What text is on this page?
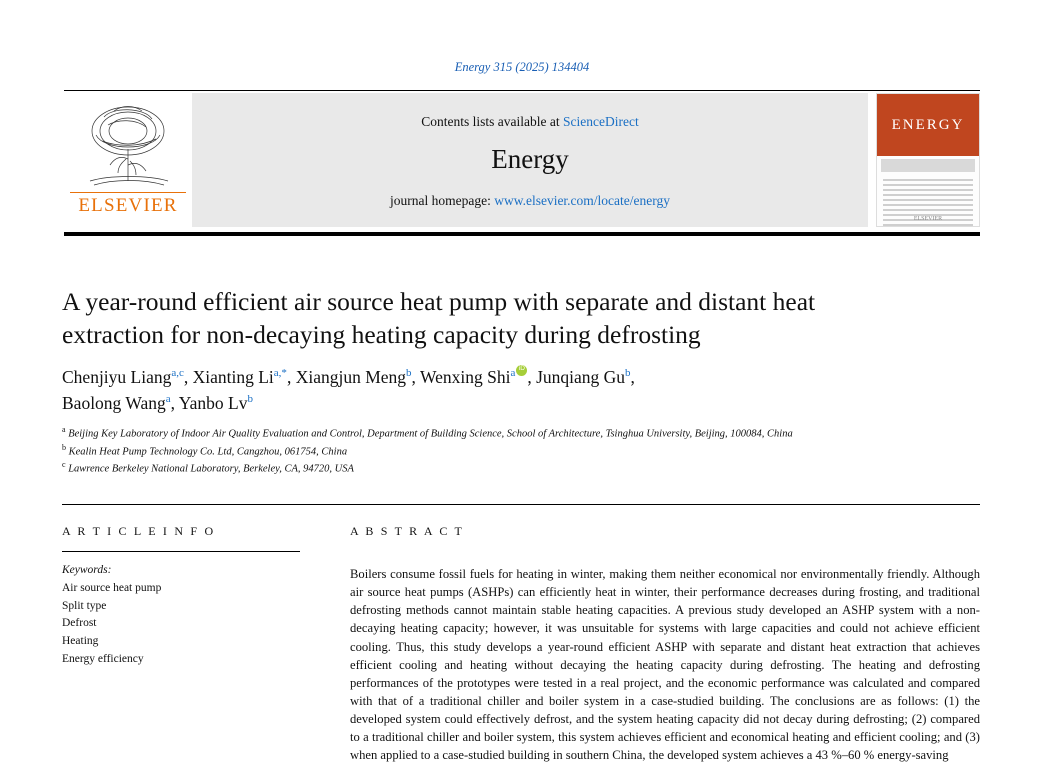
Energy 315 (2025) 134404
ELSEVIER
Contents lists available at ScienceDirect
Energy
journal homepage: www.elsevier.com/locate/energy
ENERGY
ELSEVIER
A year-round efficient air source heat pump with separate and distant heat extraction for non-decaying heating capacity during defrosting
Chenjiyu Liang$^{a,c}$, Xianting $Li^{a,*}$, Xiangjun Meng$^b$, Wenxing Shi$^a$ iD , Junqiang Gu$^b$,
Baolong Wang$^a$, Yanbo Lv$^b$
$^a$ Beijing Key Laboratory of Indoor Air Quality Evaluation and Control, Department of Building Science, School of Architecture, Tsinghua University, Beijing, 100084, China
$^b$ Kealin Heat Pump Technology Co. Ltd, Cangzhou, 061754, China
$^c$ Lawrence Berkeley National Laboratory, Berkeley, CA, 94720, USA
A R T I C L E I N F O
Keywords:
Air source heat pump
Split type
Defrost
Heating
Energy efficiency
A B S T R A C T
Boilers consume fossil fuels for heating in winter, making them neither economical nor environmentally friendly. Although air source heat pumps (ASHPs) can efficiently heat in winter, their performance decreases during frosting, and traditional defrosting methods cannot maintain stable heating capacities. A previous study developed an ASHP system with a non-decaying heating capacity; however, it was unsuitable for systems with large capacities and could not achieve efficient cooling. Thus, this study develops a year-round efficient ASHP with separate and distant heat extraction that achieves efficient cooling and heating without decaying the heating capacity during defrosting. The heating and defrosting performances of the prototypes were tested in a real project, and the economic performance was calculated and compared with that of a traditional chiller and boiler system in a case-studied building. The conclusions are as follows: (1) the developed system could effectively defrost, and the system heating capacity did not decay during defrosting; (2) compared to a traditional chiller and boiler system, this system achieves efficient and economical heating and efficient cooling; and (3) when applied to a case-studied building in southern China, the developed system achieves a 43 %–60 % energy-saving
